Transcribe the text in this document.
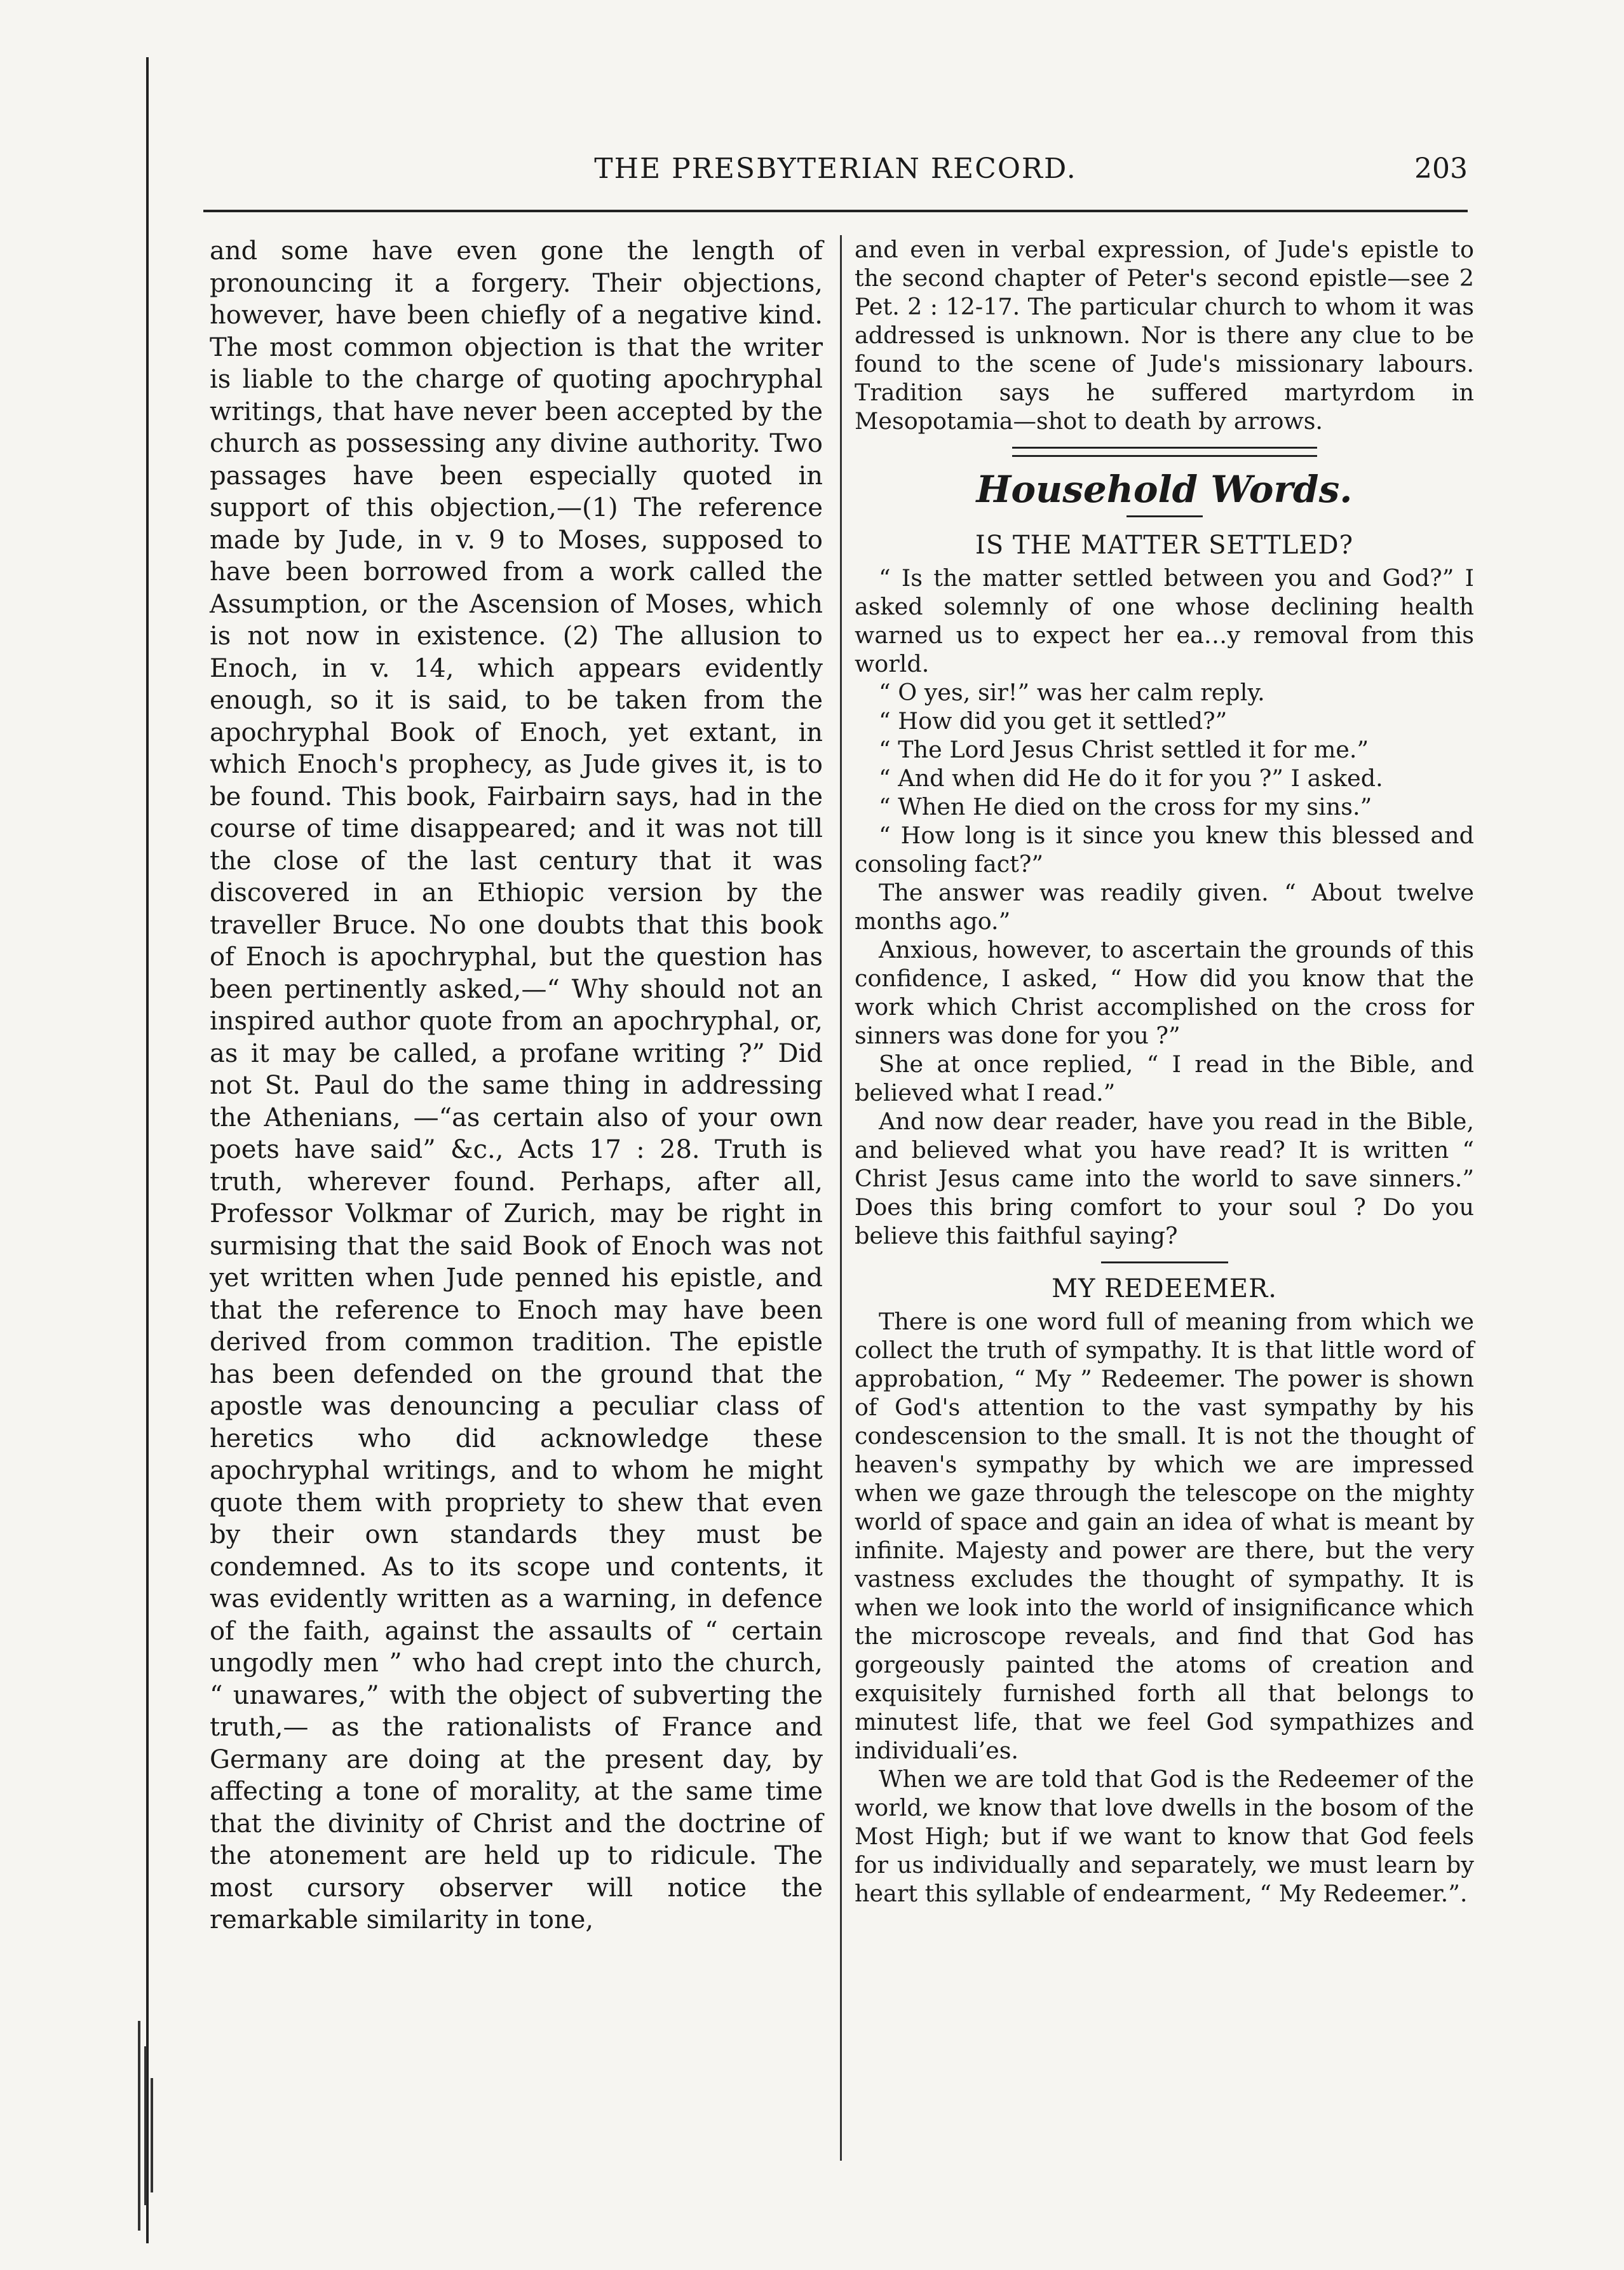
THE PRESBYTERIAN RECORD.	203

and some have even gone the length of pronouncing it a forgery. Their objections, however, have been chiefly of a negative kind. The most common objection is that the writer is liable to the charge of quoting apochryphal writings, that have never been accepted by the church as possessing any divine authority. Two passages have been especially quoted in support of this objection,—(1) The reference made by Jude, in v. 9 to Moses, supposed to have been borrowed from a work called the Assumption, or the Ascension of Moses, which is not now in existence. (2) The allusion to Enoch, in v. 14, which appears evidently enough, so it is said, to be taken from the apochryphal Book of Enoch, yet extant, in which Enoch's prophecy, as Jude gives it, is to be found. This book, Fairbairn says, had in the course of time disappeared; and it was not till the close of the last century that it was discovered in an Ethiopic version by the traveller Bruce. No one doubts that this book of Enoch is apochryphal, but the question has been pertinently asked,—“ Why should not an inspired author quote from an apochryphal, or, as it may be called, a profane writing ?” Did not St. Paul do the same thing in addressing the Athenians, —“as certain also of your own poets have said” &c., Acts 17 : 28. Truth is truth, wherever found. Perhaps, after all, Professor Volkmar of Zurich, may be right in surmising that the said Book of Enoch was not yet written when Jude penned his epistle, and that the reference to Enoch may have been derived from common tradition. The epistle has been defended on the ground that the apostle was denouncing a peculiar class of heretics who did acknowledge these apochryphal writings, and to whom he might quote them with propriety to shew that even by their own standards they must be condemned. As to its scope und contents, it was evidently written as a warning, in defence of the faith, against the assaults of “ certain ungodly men ” who had crept into the church, “ unawares,” with the object of subverting the truth,— as the rationalists of France and Germany are doing at the present day, by affecting a tone of morality, at the same time that the divinity of Christ and the doctrine of the atonement are held up to ridicule. The most cursory observer will notice the remarkable similarity in tone,

and even in verbal expression, of Jude's epistle to the second chapter of Peter's second epistle—see 2 Pet. 2 : 12-17. The particular church to whom it was addressed is unknown. Nor is there any clue to be found to the scene of Jude's missionary labours. Tradition says he suffered martyrdom in Mesopotamia—shot to death by arrows.

Household Words.
IS THE MATTER SETTLED?

“ Is the matter settled between you and God?” I asked solemnly of one whose declining health warned us to expect her ea…y removal from this world.

“ O yes, sir!” was her calm reply.

“ How did you get it settled?”

“ The Lord Jesus Christ settled it for me.”

“ And when did He do it for you ?” I asked.

“ When He died on the cross for my sins.”

“ How long is it since you knew this blessed and consoling fact?”

The answer was readily given. “ About twelve months ago.”

Anxious, however, to ascertain the grounds of this confidence, I asked, “ How did you know that the work which Christ accomplished on the cross for sinners was done for you ?”

She at once replied, “ I read in the Bible, and believed what I read.”

And now dear reader, have you read in the Bible, and believed what you have read? It is written “ Christ Jesus came into the world to save sinners.” Does this bring comfort to your soul ? Do you believe this faithful saying?

MY REDEEMER.

There is one word full of meaning from which we collect the truth of sympathy. It is that little word of approbation, “ My ” Redeemer. The power is shown of God's attention to the vast sympathy by his condescension to the small. It is not the thought of heaven's sympathy by which we are impressed when we gaze through the telescope on the mighty world of space and gain an idea of what is meant by infinite. Majesty and power are there, but the very vastness excludes the thought of sympathy. It is when we look into the world of insignificance which the microscope reveals, and find that God has gorgeously painted the atoms of creation and exquisitely furnished forth all that belongs to minutest life, that we feel God sympathizes and individuali’es.

When we are told that God is the Redeemer of the world, we know that love dwells in the bosom of the Most High; but if we want to know that God feels for us individually and separately, we must learn by heart this syllable of endearment, “ My Redeemer.”.
